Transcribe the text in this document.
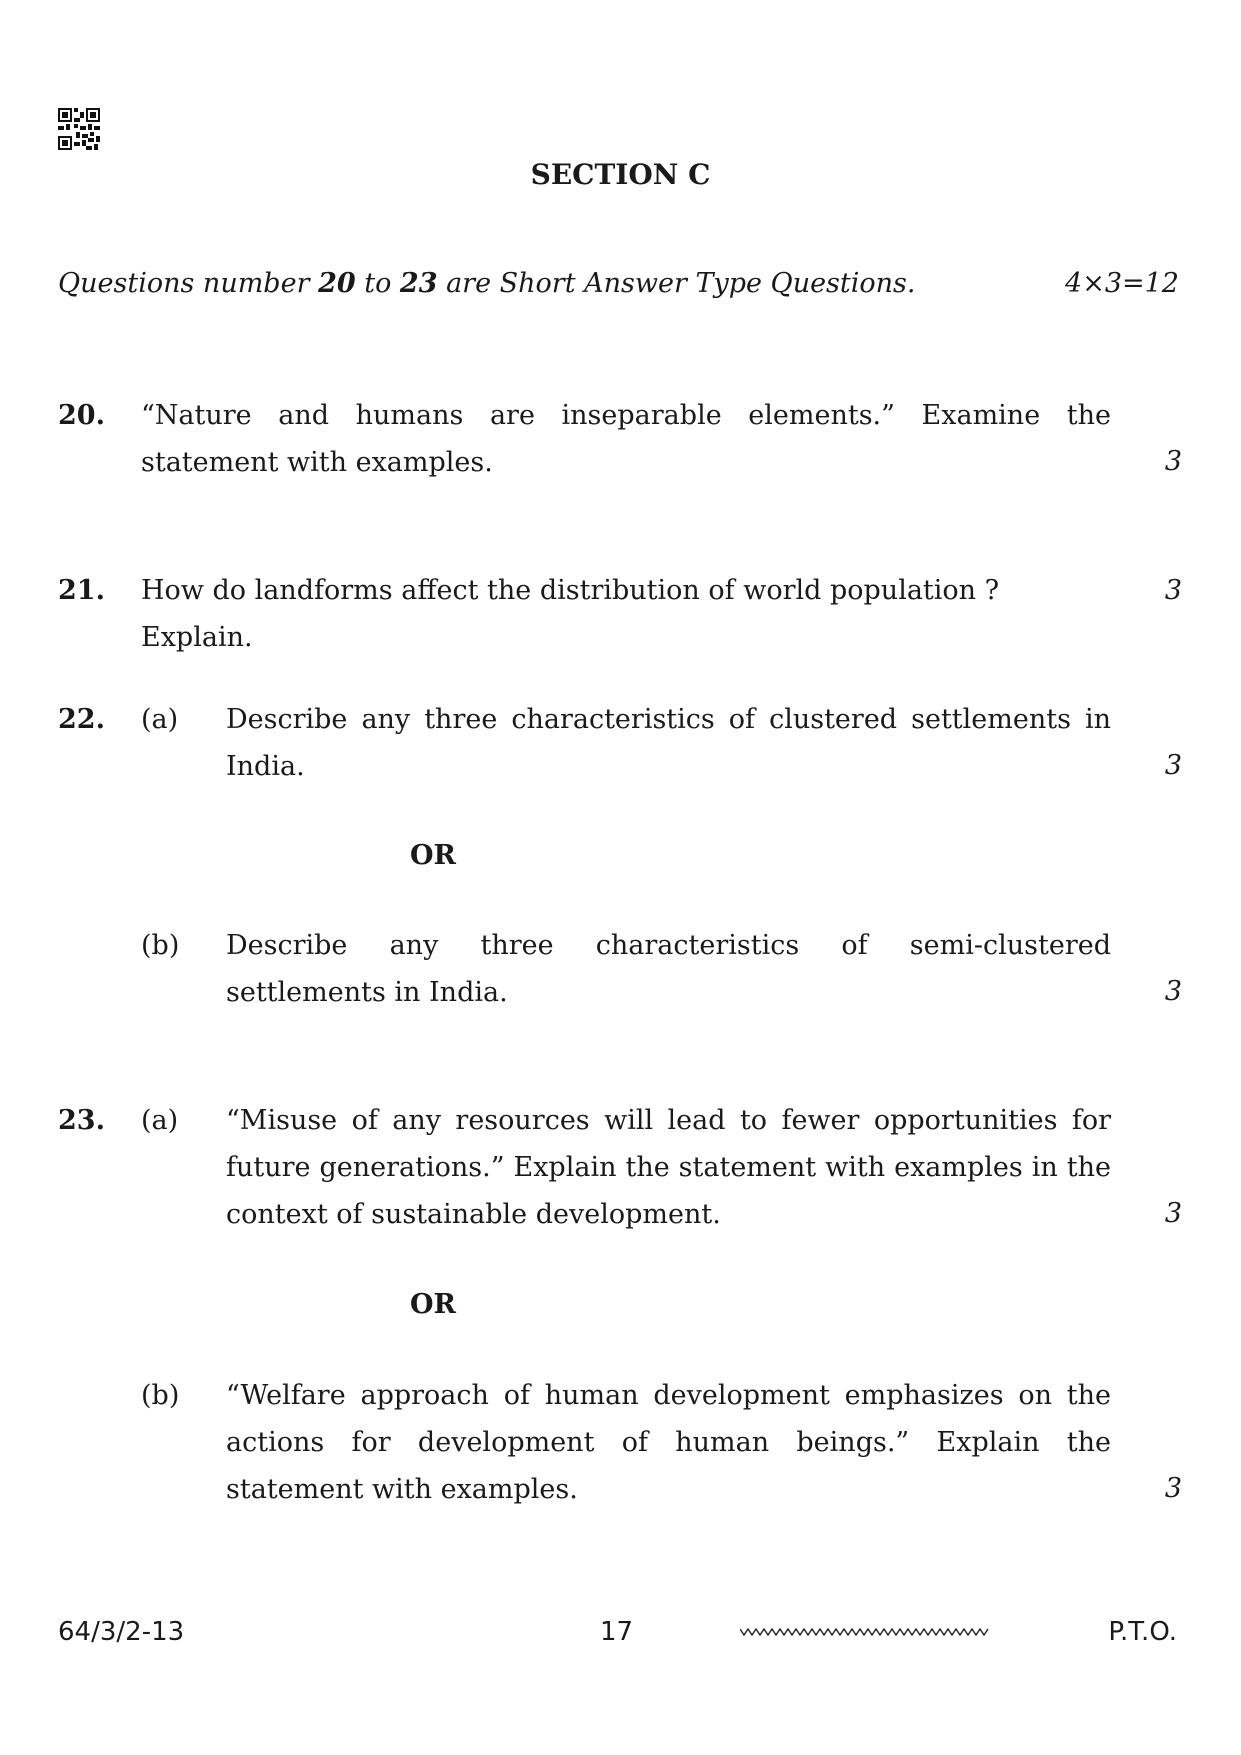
SECTION C
Questions number 20 to 23 are Short Answer Type Questions.	4×3=12
20. “Nature and humans are inseparable elements.” Examine the statement with examples.	3
21. How do landforms affect the distribution of world population ? Explain.
3
22. (a) Describe any three characteristics of clustered settlements in India.	3
OR
(b) Describe any three characteristics of semi-clustered settlements in India.	3
23. (a) “Misuse of any resources will lead to fewer opportunities for future generations.” Explain the statement with examples in the context of sustainable development.	3
OR
(b) “Welfare approach of human development emphasizes on the actions for development of human beings.” Explain the statement with examples.	3
64/3/2-13	17	P.T.O.
